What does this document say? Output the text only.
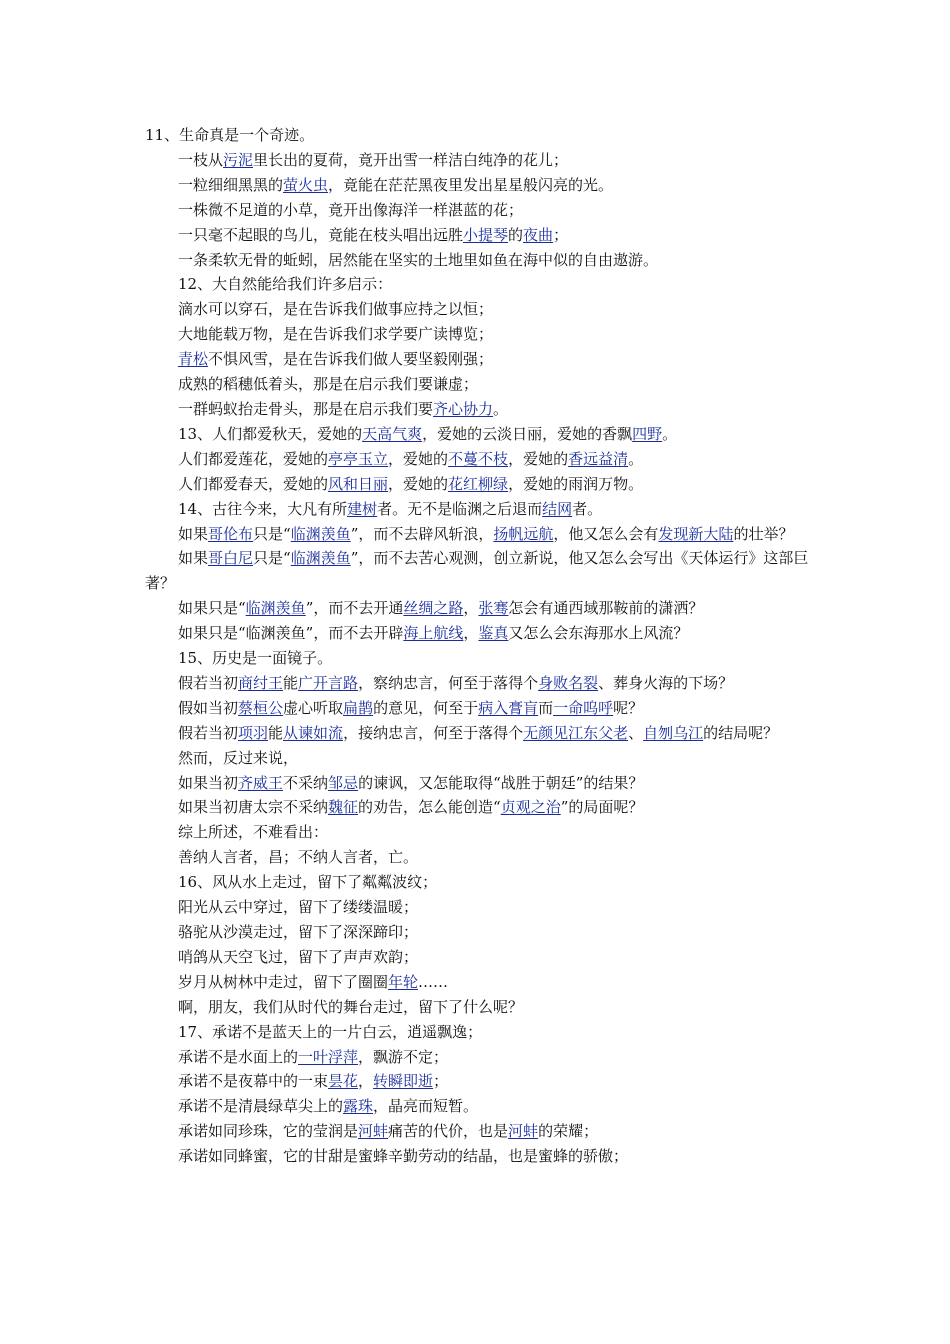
11、生命真是一个奇迹。
一枝从污泥里长出的夏荷，竟开出雪一样洁白纯净的花儿；
一粒细细黑黑的萤火虫，竟能在茫茫黑夜里发出星星般闪亮的光。
一株微不足道的小草，竟开出像海洋一样湛蓝的花；
一只毫不起眼的鸟儿，竟能在枝头唱出远胜小提琴的夜曲；
一条柔软无骨的蚯蚓，居然能在坚实的土地里如鱼在海中似的自由遨游。
12、大自然能给我们许多启示：
滴水可以穿石，是在告诉我们做事应持之以恒；
大地能载万物，是在告诉我们求学要广读博览；
青松不惧风雪，是在告诉我们做人要坚毅刚强；
成熟的稻穗低着头，那是在启示我们要谦虚；
一群蚂蚁抬走骨头，那是在启示我们要齐心协力。
13、人们都爱秋天，爱她的天高气爽，爱她的云淡日丽，爱她的香飘四野。
人们都爱莲花，爱她的亭亭玉立，爱她的不蔓不枝，爱她的香远益清。
人们都爱春天，爱她的风和日丽，爱她的花红柳绿，爱她的雨润万物。
14、古往今来，大凡有所建树者。无不是临渊之后退而结网者。
如果哥伦布只是“临渊羡鱼”，而不去辟风斩浪，扬帆远航，他又怎么会有发现新大陆的壮举？
如果哥白尼只是“临渊羡鱼”，而不去苦心观测，创立新说，他又怎么会写出《天体运行》这部巨著？
如果只是“临渊羡鱼”，而不去开通丝绸之路，张骞怎会有通西域那鞍前的潇洒？
如果只是“临渊羡鱼”，而不去开辟海上航线，鉴真又怎么会东海那水上风流？
15、历史是一面镜子。
假若当初商纣王能广开言路，察纳忠言，何至于落得个身败名裂、葬身火海的下场？
假如当初蔡桓公虚心听取扁鹊的意见，何至于病入膏肓而一命呜呼呢？
假若当初项羽能从谏如流，接纳忠言，何至于落得个无颜见江东父老、自刎乌江的结局呢？
然而，反过来说，
如果当初齐威王不采纳邹忌的谏讽，又怎能取得“战胜于朝廷”的结果？
如果当初唐太宗不采纳魏征的劝告，怎么能创造“贞观之治”的局面呢？
综上所述，不难看出：
善纳人言者，昌；不纳人言者，亡。
16、风从水上走过，留下了粼粼波纹；
阳光从云中穿过，留下了缕缕温暖；
骆驼从沙漠走过，留下了深深蹄印；
哨鸽从天空飞过，留下了声声欢韵；
岁月从树林中走过，留下了圈圈年轮……
啊，朋友，我们从时代的舞台走过，留下了什么呢？
17、承诺不是蓝天上的一片白云，逍遥飘逸；
承诺不是水面上的一叶浮萍，飘游不定；
承诺不是夜幕中的一束昙花，转瞬即逝；
承诺不是清晨绿草尖上的露珠，晶亮而短暂。
承诺如同珍珠，它的莹润是河蚌痛苦的代价，也是河蚌的荣耀；
承诺如同蜂蜜，它的甘甜是蜜蜂辛勤劳动的结晶，也是蜜蜂的骄傲；
